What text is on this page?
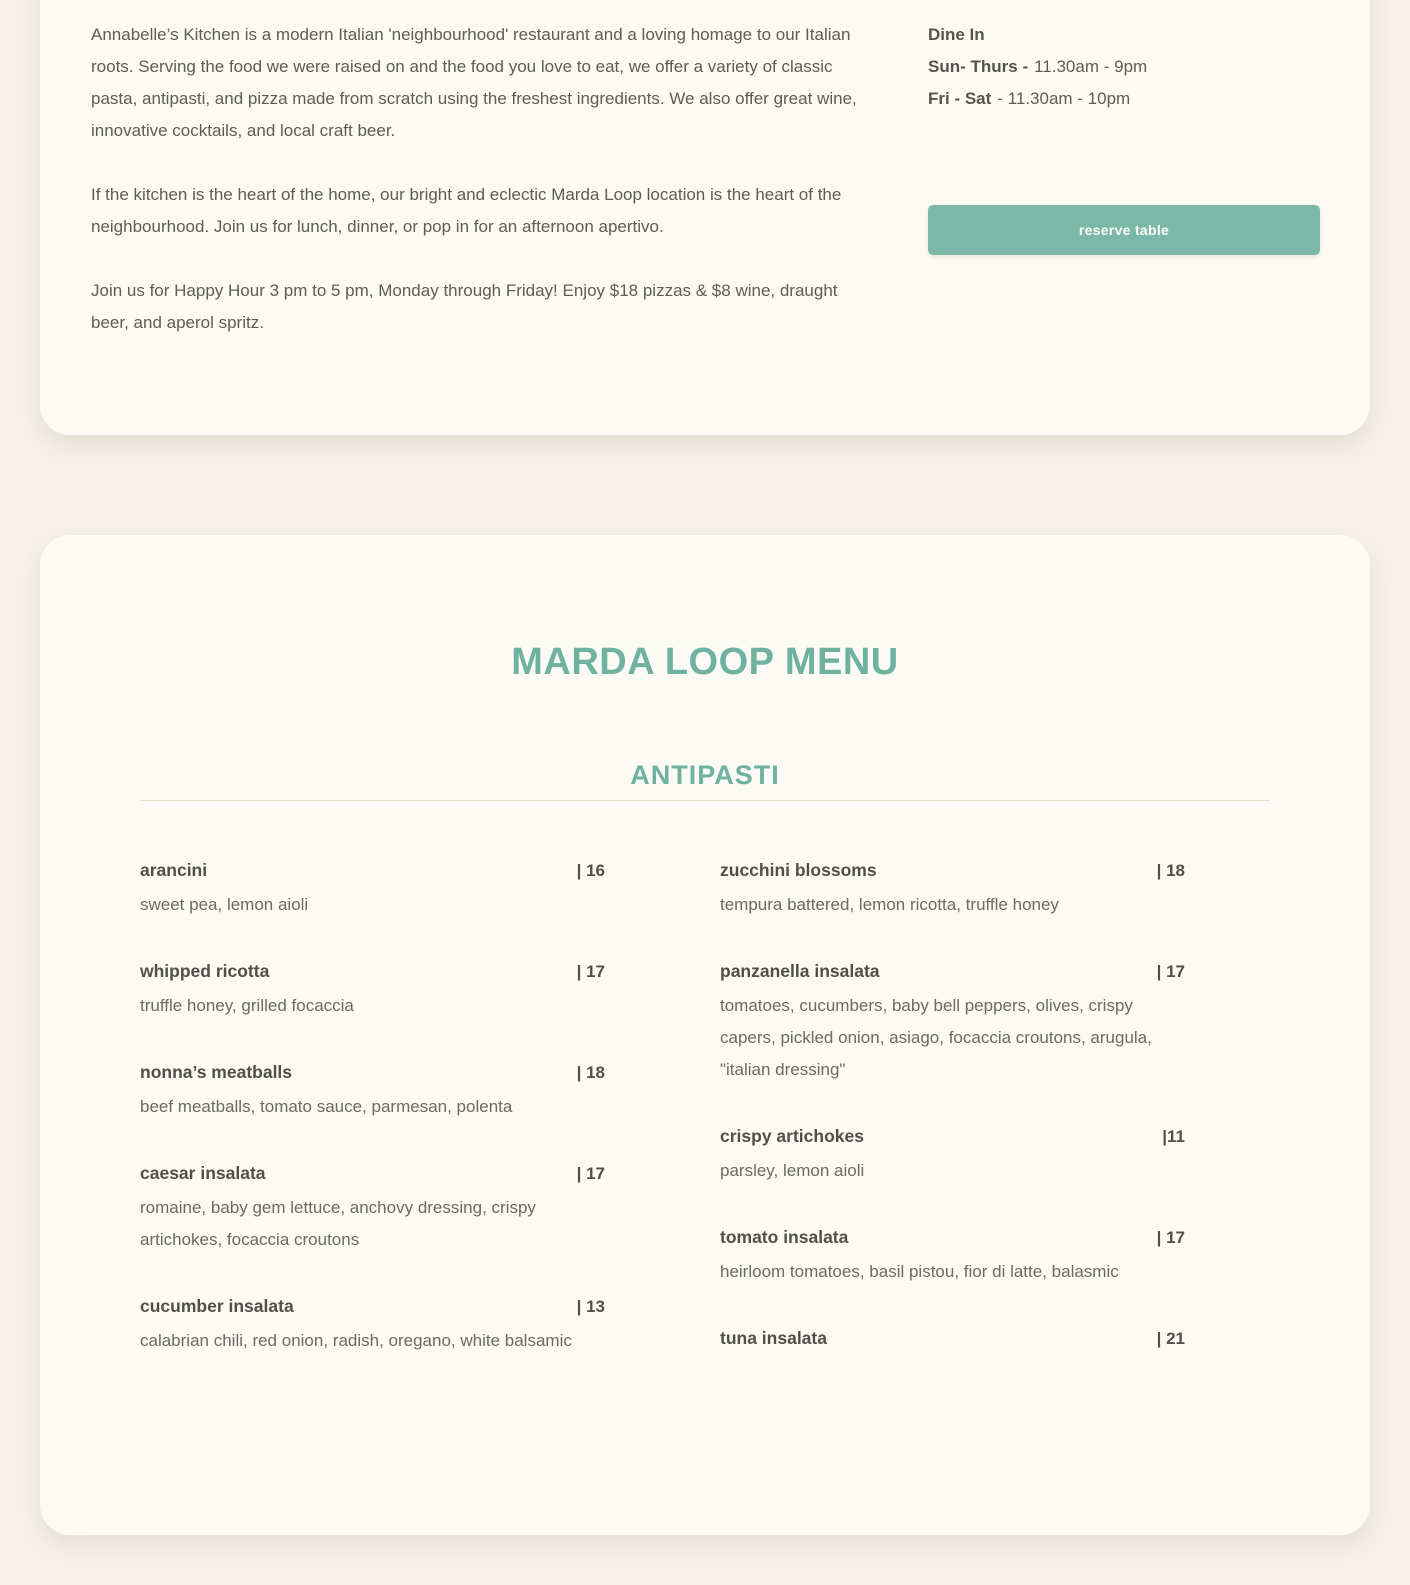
Annabelle’s Kitchen is a modern Italian 'neighbourhood' restaurant and a loving homage to our Italian roots. Serving the food we were raised on and the food you love to eat, we offer a variety of classic pasta, antipasti, and pizza made from scratch using the freshest ingredients. We also offer great wine, innovative cocktails, and local craft beer.

If the kitchen is the heart of the home, our bright and eclectic Marda Loop location is the heart of the neighbourhood. Join us for lunch, dinner, or pop in for an afternoon apertivo.

Join us for Happy Hour 3 pm to 5 pm, Monday through Friday! Enjoy $18 pizzas & $8 wine, draught beer, and aperol spritz.

Dine In
Sun- Thurs - 11.30am - 9pm
Fri - Sat - 11.30am - 10pm
reserve table
MARDA LOOP MENU
ANTIPASTI
arancini	| 16
sweet pea, lemon aioli
whipped ricotta	| 17
truffle honey, grilled focaccia
nonna’s meatballs	| 18
beef meatballs, tomato sauce, parmesan, polenta
caesar insalata	| 17
romaine, baby gem lettuce, anchovy dressing, crispy artichokes, focaccia croutons
cucumber insalata	| 13
calabrian chili, red onion, radish, oregano, white balsamic
zucchini blossoms	| 18
tempura battered, lemon ricotta, truffle honey
panzanella insalata	| 17
tomatoes, cucumbers, baby bell peppers, olives, crispy capers, pickled onion, asiago, focaccia croutons, arugula, "italian dressing"
crispy artichokes	|11
parsley, lemon aioli
tomato insalata	| 17
heirloom tomatoes, basil pistou, fior di latte, balasmic
tuna insalata	| 21
